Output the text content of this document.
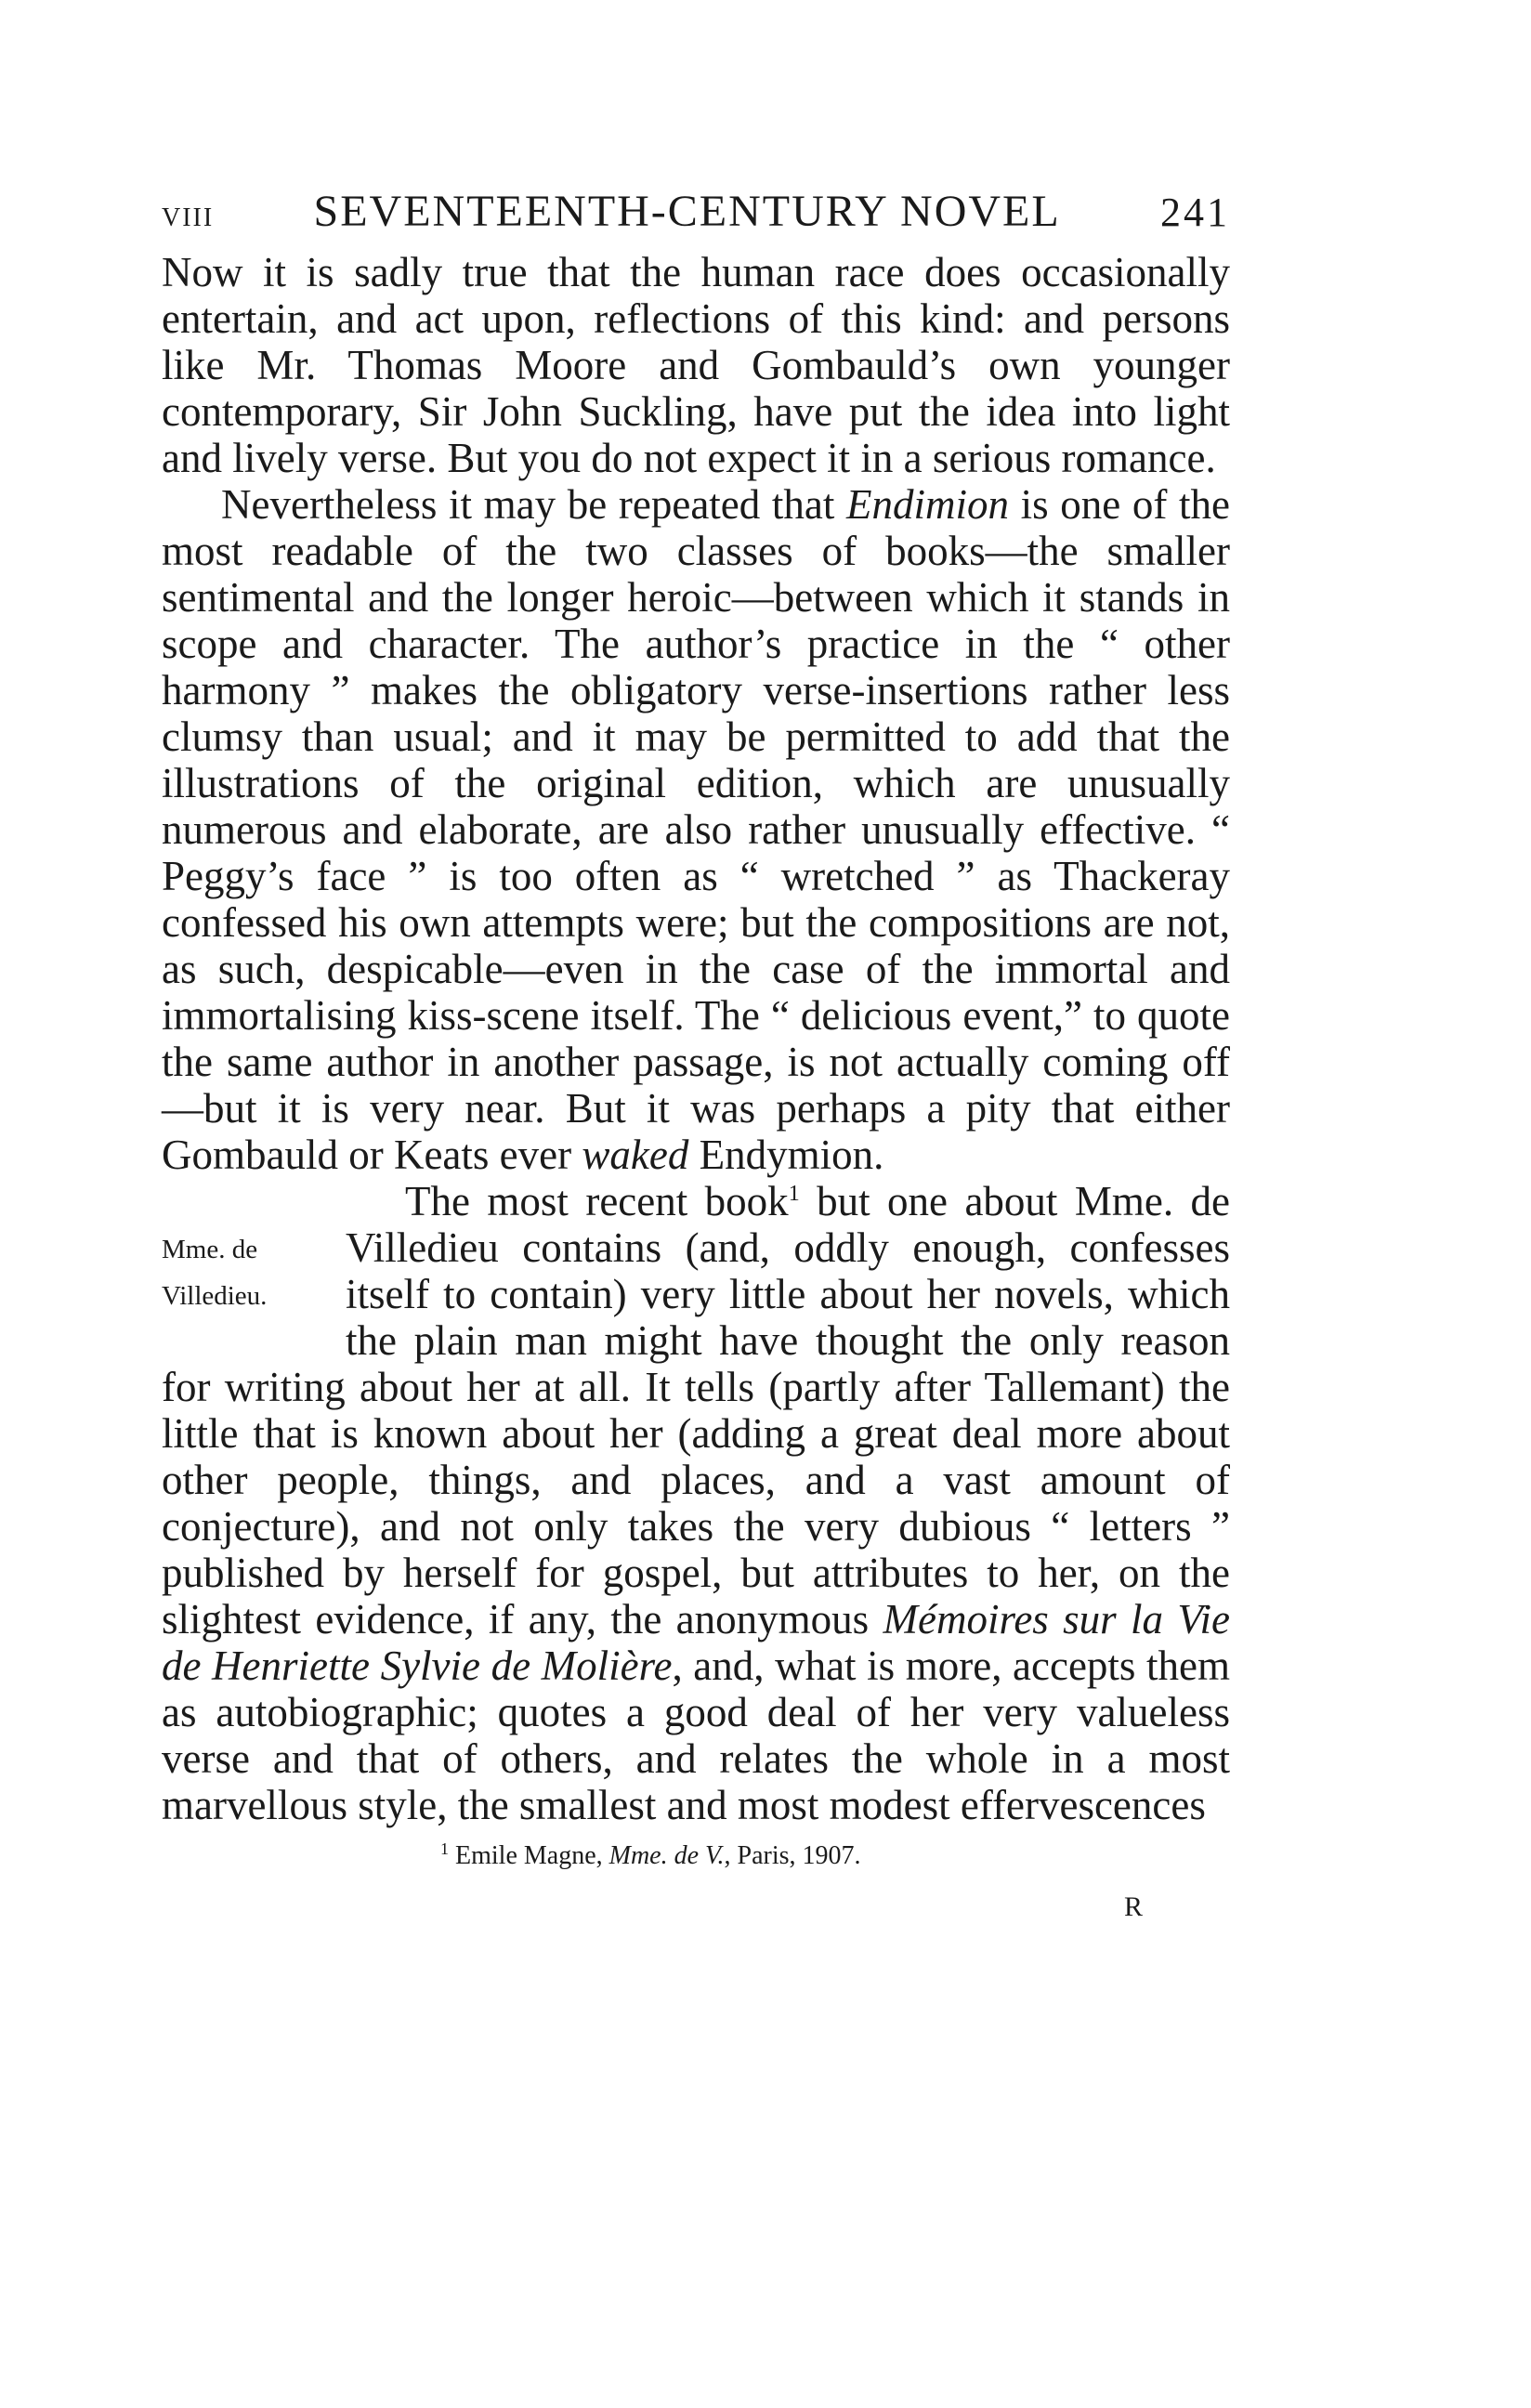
VIII SEVENTEENTH-CENTURY NOVEL 241

Now it is sadly true that the human race does occasionally entertain, and act upon, reflections of this kind: and persons like Mr. Thomas Moore and Gombauld’s own younger contemporary, Sir John Suckling, have put the idea into light and lively verse. But you do not expect it in a serious romance.

Nevertheless it may be repeated that Endimion is one of the most readable of the two classes of books—the smaller sentimental and the longer heroic—between which it stands in scope and character. The author’s practice in the “ other harmony ” makes the obligatory verse-insertions rather less clumsy than usual; and it may be permitted to add that the illustrations of the original edition, which are unusually numerous and elaborate, are also rather unusually effective. “ Peggy’s face ” is too often as “ wretched ” as Thackeray confessed his own attempts were; but the compositions are not, as such, despicable—even in the case of the immortal and immortalising kiss-scene itself. The “ delicious event,” to quote the same author in another passage, is not actually coming off—but it is very near. But it was perhaps a pity that either Gombauld or Keats ever waked Endymion.

Mme. de
Villedieu.

The most recent book$^1$ but one about Mme. de Villedieu contains (and, oddly enough, confesses itself to contain) very little about her novels, which the plain man might have thought the only reason for writing about her at all. It tells (partly after Tallemant) the little that is known about her (adding a great deal more about other people, things, and places, and a vast amount of conjecture), and not only takes the very dubious “ letters ” published by herself for gospel, but attributes to her, on the slightest evidence, if any, the anonymous Mémoires sur la Vie de Henriette Sylvie de Molière, and, what is more, accepts them as autobiographic; quotes a good deal of her very valueless verse and that of others, and relates the whole in a most marvellous style, the smallest and most modest effervescences

$^1$ Emile Magne, Mme. de V., Paris, 1907.
R
